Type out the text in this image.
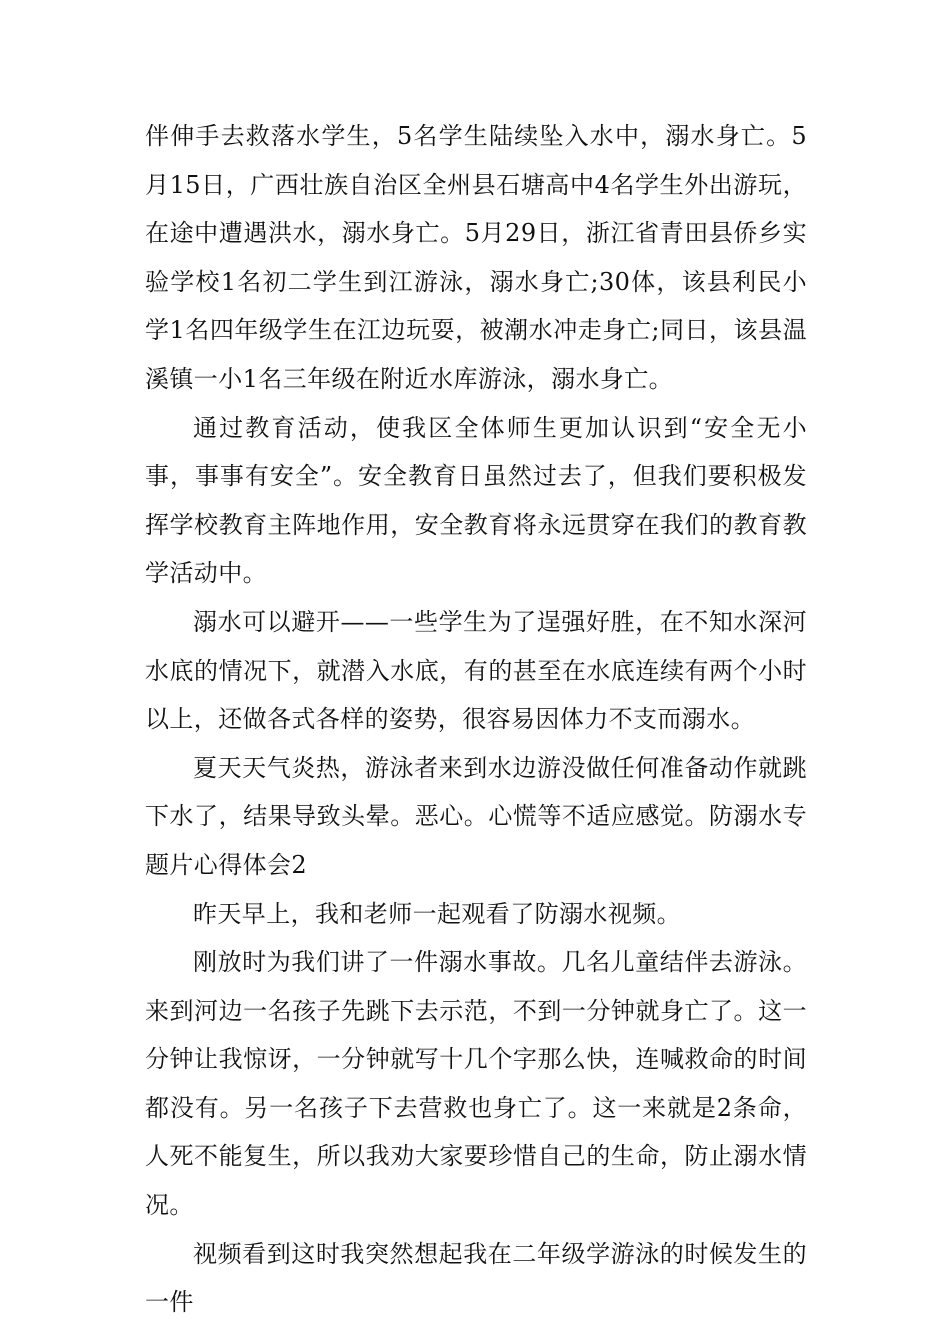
伴伸手去救落水学生，5名学生陆续坠入水中，溺水身亡。5月15日，广西壮族自治区全州县石塘高中4名学生外出游玩，在途中遭遇洪水，溺水身亡。5月29日，浙江省青田县侨乡实验学校1名初二学生到江游泳，溺水身亡;30体，该县利民小学1名四年级学生在江边玩耍，被潮水冲走身亡;同日，该县温溪镇一小1名三年级在附近水库游泳，溺水身亡。

通过教育活动，使我区全体师生更加认识到“安全无小事，事事有安全”。安全教育日虽然过去了，但我们要积极发挥学校教育主阵地作用，安全教育将永远贯穿在我们的教育教学活动中。

溺水可以避开——一些学生为了逞强好胜，在不知水深河水底的情况下，就潜入水底，有的甚至在水底连续有两个小时以上，还做各式各样的姿势，很容易因体力不支而溺水。

夏天天气炎热，游泳者来到水边游没做任何准备动作就跳下水了，结果导致头晕。恶心。心慌等不适应感觉。防溺水专题片心得体会2

昨天早上，我和老师一起观看了防溺水视频。

刚放时为我们讲了一件溺水事故。几名儿童结伴去游泳。来到河边一名孩子先跳下去示范，不到一分钟就身亡了。这一分钟让我惊讶，一分钟就写十几个字那么快，连喊救命的时间都没有。另一名孩子下去营救也身亡了。这一来就是2条命，人死不能复生，所以我劝大家要珍惜自己的生命，防止溺水情况。

视频看到这时我突然想起我在二年级学游泳的时候发生的一件
